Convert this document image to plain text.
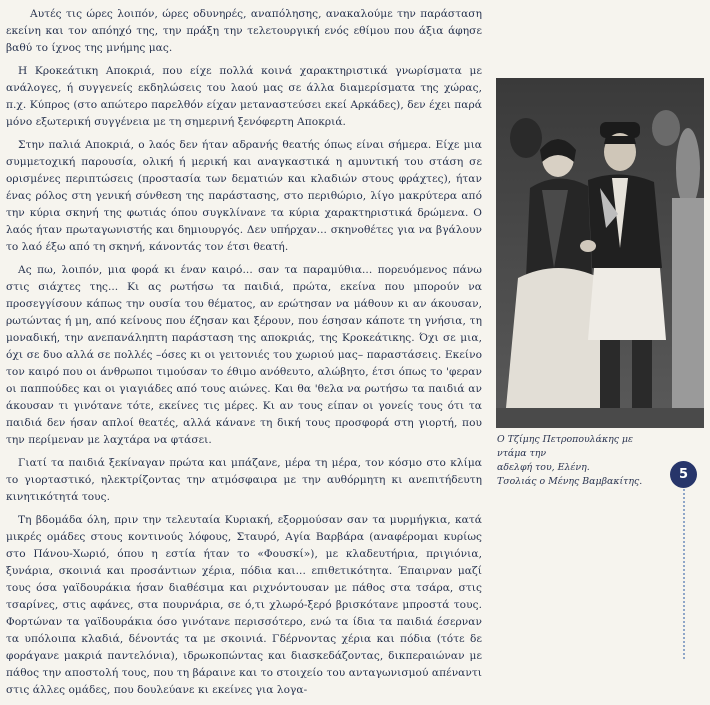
Αυτές τις ώρες λοιπόν, ώρες οδυνηρές, αναπόλησης, ανακαλούμε την παράσταση εκείνη και τον απόηχό της, την πράξη την τελετουργική ενός εθίμου που άξια άφησε βαθύ το ίχνος της μνήμης μας.

Η Κροκεάτικη Αποκριά, που είχε πολλά κοινά χαρακτηριστικά γνωρίσματα με ανάλογες, ή συγγενείς εκδηλώσεις του λαού μας σε άλλα διαμερίσματα της χώρας, π.χ. Κύπρος (στο απώτερο παρελθόν είχαν μεταναστεύσει εκεί Αρκάδες), δεν έχει παρά μόνο εξωτερική συγγένεια με τη σημερινή ξενόφερτη Αποκριά.

Στην παλιά Αποκριά, ο λαός δεν ήταν αδρανής θεατής όπως είναι σήμερα. Είχε μια συμμετοχική παρουσία, ολική ή μερική και αναγκαστικά η αμυντική του στάση σε ορισμένες περιπτώσεις (προστασία των δεματιών και κλαδιών στους φράχτες), ήταν ένας ρόλος στη γενική σύνθεση της παράστασης, στο περιθώριο, λίγο μακρύτερα από την κύρια σκηνή της φωτιάς όπου συγκλίνανε τα κύρια χαρακτηριστικά δρώμενα. Ο λαός ήταν πρωταγωνιστής και δημιουργός. Δεν υπήρχαν... σκηνοθέτες για να βγάλουν το λαό έξω από τη σκηνή, κάνοντάς τον έτσι θεατή.

Ας πω, λοιπόν, μια φορά κι έναν καιρό... σαν τα παραμύθια... πορευόμενος πάνω στις σιάχτες της... Κι ας ρωτήσω τα παιδιά, πρώτα, εκείνα που μπορούν να προσεγγίσουν κάπως την ουσία του θέματος, αν ερώτησαν να μάθουν κι αν άκουσαν, ρωτώντας ή μη, από κείνους που έζησαν και ξέρουν, που έσησαν κάποτε τη γνήσια, τη μοναδική, την ανεπανάληπτη παράσταση της αποκριάς, της Κροκεάτικης. Όχι σε μια, όχι σε δυο αλλά σε πολλές –όσες κι οι γειτονιές του χωριού μας– παραστάσεις. Εκείνο τον καιρό που οι άνθρωποι τιμούσαν το έθιμο ανόθευτο, αλώβητο, έτσι όπως το 'φεραν οι παππούδες και οι γιαγιάδες από τους αιώνες. Και θα 'θελα να ρωτήσω τα παιδιά αν άκουσαν τι γινότανε τότε, εκείνες τις μέρες. Κι αν τους είπαν οι γονείς τους ότι τα παιδιά δεν ήσαν απλοί θεατές, αλλά κάνανε τη δική τους προσφορά στη γιορτή, που την περίμεναν με λαχτάρα να φτάσει.

Γιατί τα παιδιά ξεκίναγαν πρώτα και μπάζανε, μέρα τη μέρα, τον κόσμο στο κλίμα το γιορταστικό, ηλεκτρίζοντας την ατμόσφαιρα με την αυθόρμητη κι ανεπιτήδευτη κινητικότητά τους.

Τη βδομάδα όλη, πριν την τελευταία Κυριακή, εξορμούσαν σαν τα μυρμήγκια, κατά μικρές ομάδες στους κοντινούς λόφους, Σταυρό, Αγία Βαρβάρα (αναφέρομαι κυρίως στο Πάνου-Χωριό, όπου η εστία ήταν το «Φουσκί»), με κλαδευτήρια, πριγιόνια, ξυνάρια, σκοινιά και προσάντιων χέρια, πόδια και... επιθετικότητα. Έπαιρναν μαζί τους όσα γαϊδουράκια ήσαν διαθέσιμα και ριχνόντουσαν με πάθος στα τσάρα, στις τσαρίνες, στις αφάνες, στα πουρνάρια, σε ό,τι χλωρό-ξερό βρισκότανε μπροστά τους. Φορτώναν τα γαϊδουράκια όσο γινότανε περισσότερο, ενώ τα ίδια τα παιδιά έσερναν τα υπόλοιπα κλαδιά, δένοντάς τα με σκοινιά. Γδέρνοντας χέρια και πόδια (τότε δε φοράγανε μακριά παντελόνια), ιδρωκοπώντας και διασκεδάζοντας, δικπεραιώναν με πάθος την αποστολή τους, που τη βάραινε και το στοιχείο του ανταγωνισμού απέναντι στις άλλες ομάδες, που δουλεύανε κι εκείνες για λογα-

Ο Τζίμης Πετροπουλάκης με ντάμα την
αδελφή του, Ελένη.
Τσολιάς ο Μένης Βαμβακίτης.	5
